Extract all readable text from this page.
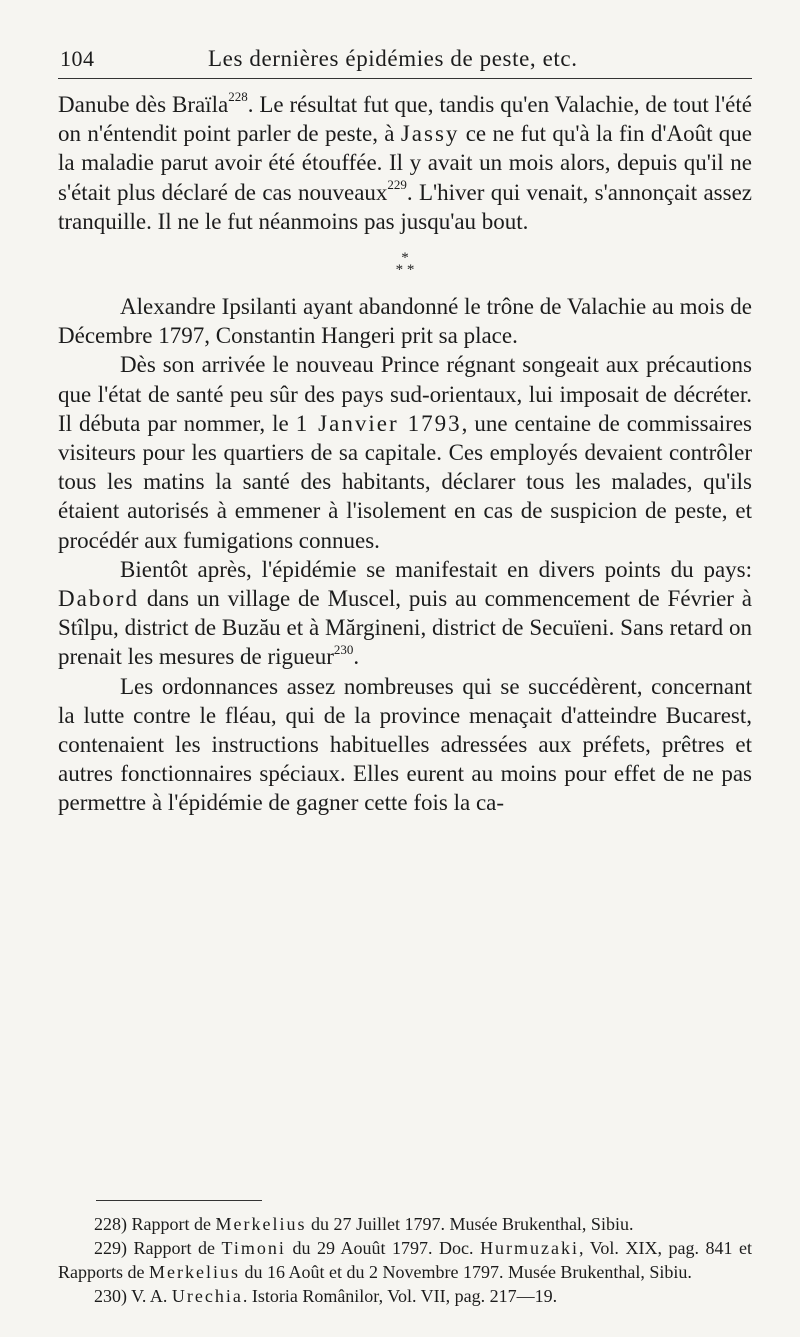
104	Les dernières épidémies de peste, etc.

Danube dès Braïla$^{228}$. Le résultat fut que, tandis qu'en Valachie, de tout l'été on n'éntendit point parler de peste, à Jassy ce ne fut qu'à la fin d'Août que la maladie parut avoir été étouffée. Il y avait un mois alors, depuis qu'il ne s'était plus déclaré de cas nouveaux$^{229}$. L'hiver qui venait, s'annonçait assez tranquille. Il ne le fut néanmoins pas jusqu'au bout.

*
* *

Alexandre Ipsilanti ayant abandonné le trône de Valachie au mois de Décembre 1797, Constantin Hangeri prit sa place.

Dès son arrivée le nouveau Prince régnant songeait aux précautions que l'état de santé peu sûr des pays sud-orientaux, lui imposait de décréter. Il débuta par nommer, le 1 Janvier 1793, une centaine de commissaires visiteurs pour les quartiers de sa capitale. Ces employés devaient contrôler tous les matins la santé des habitants, déclarer tous les malades, qu'ils étaient autorisés à emmener à l'isolement en cas de suspicion de peste, et procédér aux fumigations connues.

Bientôt après, l'épidémie se manifestait en divers points du pays: Dabord dans un village de Muscel, puis au commencement de Février à Stîlpu, district de Buzău et à Mărgineni, district de Secuïeni. Sans retard on prenait les mesures de rigueur$^{230}$.

Les ordonnances assez nombreuses qui se succédèrent, concernant la lutte contre le fléau, qui de la province menaçait d'atteindre Bucarest, contenaient les instructions habituelles adressées aux préfets, prêtres et autres fonctionnaires spéciaux. Elles eurent au moins pour effet de ne pas permettre à l'épidémie de gagner cette fois la ca-

228) Rapport de Merkelius du 27 Juillet 1797. Musée Brukenthal, Sibiu.

229) Rapport de Timoni du 29 Aouût 1797. Doc. Hurmuzaki, Vol. XIX, pag. 841 et Rapports de Merkelius du 16 Août et du 2 Novembre 1797. Musée Brukenthal, Sibiu.

230) V. A. Urechia. Istoria Românilor, Vol. VII, pag. 217—19.
